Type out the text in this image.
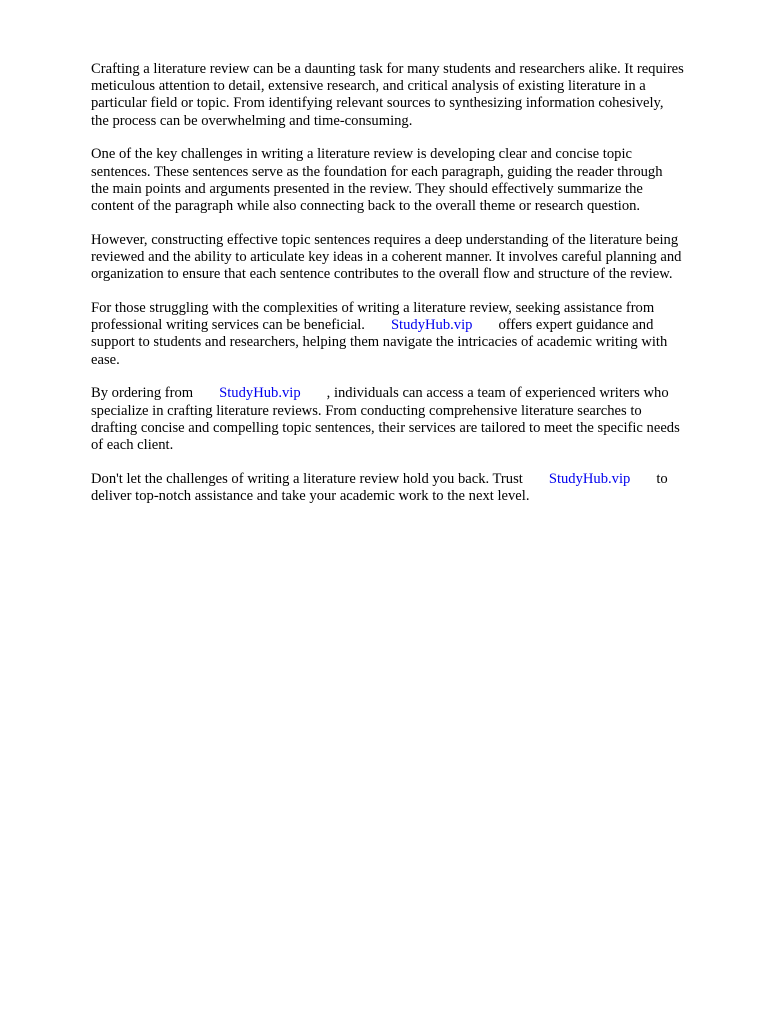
Crafting a literature review can be a daunting task for many students and researchers alike. It requires
meticulous attention to detail, extensive research, and critical analysis of existing literature in a
particular field or topic. From identifying relevant sources to synthesizing information cohesively,
the process can be overwhelming and time-consuming.

One of the key challenges in writing a literature review is developing clear and concise topic
sentences. These sentences serve as the foundation for each paragraph, guiding the reader through
the main points and arguments presented in the review. They should effectively summarize the
content of the paragraph while also connecting back to the overall theme or research question.

However, constructing effective topic sentences requires a deep understanding of the literature being
reviewed and the ability to articulate key ideas in a coherent manner. It involves careful planning and
organization to ensure that each sentence contributes to the overall flow and structure of the review.

For those struggling with the complexities of writing a literature review, seeking assistance from
professional writing services can be beneficial. StudyHub.vip offers expert guidance and
support to students and researchers, helping them navigate the intricacies of academic writing with
ease.

By ordering from StudyHub.vip , individuals can access a team of experienced writers who
specialize in crafting literature reviews. From conducting comprehensive literature searches to
drafting concise and compelling topic sentences, their services are tailored to meet the specific needs
of each client.

Don't let the challenges of writing a literature review hold you back. Trust StudyHub.vip to
deliver top-notch assistance and take your academic work to the next level.
